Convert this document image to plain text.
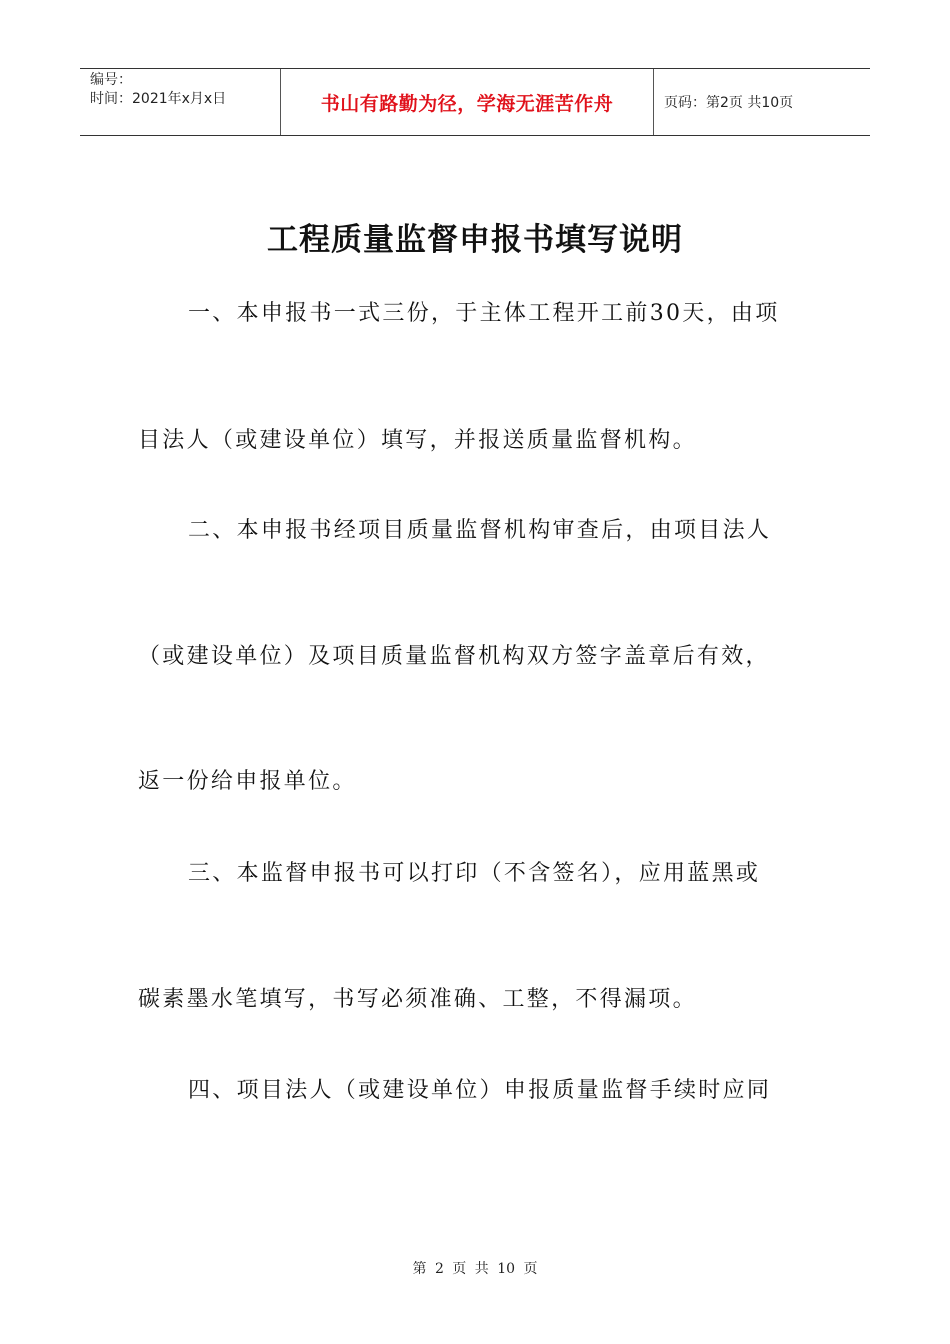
编号：
时间：2021年x月x日	书山有路勤为径，学海无涯苦作舟	页码：第2页 共10页
工程质量监督申报书填写说明
一、本申报书一式三份，于主体工程开工前30天，由项
目法人（或建设单位）填写，并报送质量监督机构。
二、本申报书经项目质量监督机构审查后，由项目法人
（或建设单位）及项目质量监督机构双方签字盖章后有效，
返一份给申报单位。
三、本监督申报书可以打印（不含签名），应用蓝黑或
碳素墨水笔填写，书写必须准确、工整，不得漏项。
四、项目法人（或建设单位）申报质量监督手续时应同
第 2 页 共 10 页
